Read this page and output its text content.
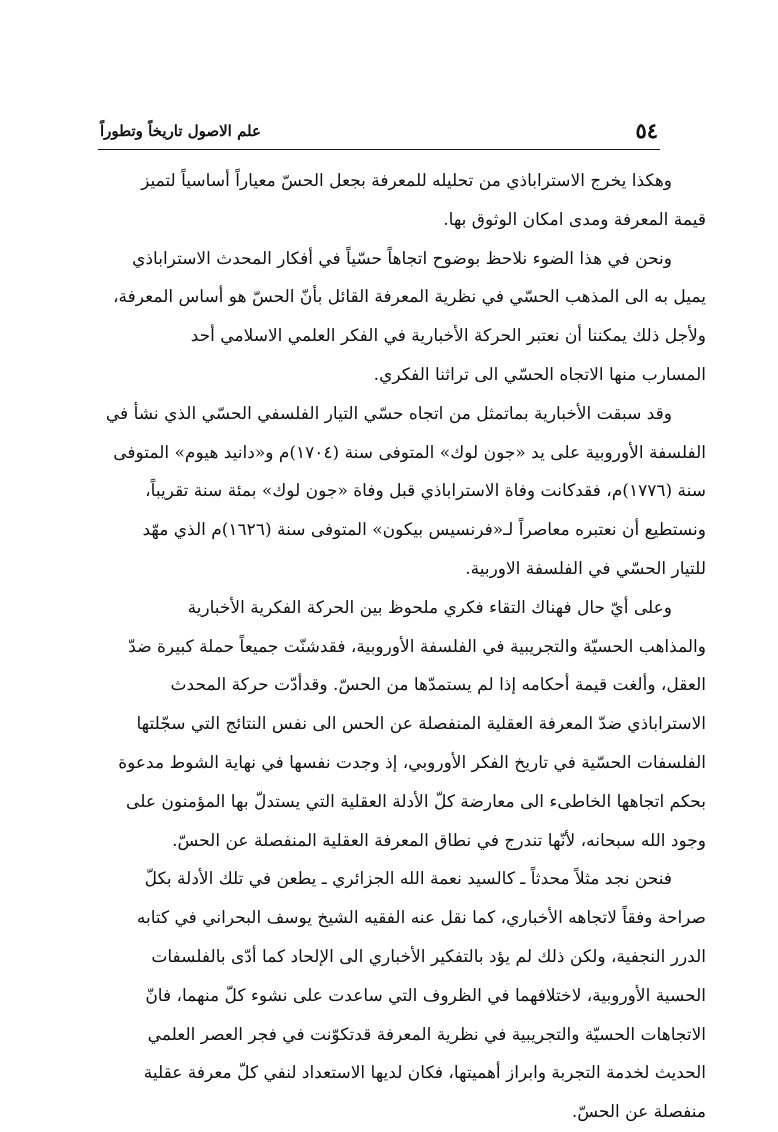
٥٤
علم الاصول تاريخاً وتطوراً
وهكذا يخرج الاستراباذي من تحليله للمعرفة بجعل الحسّ معياراً أساسياً لتميز
قيمة المعرفة ومدى امكان الوثوق بها.
ونحن في هذا الضوء نلاحظ بوضوح اتجاهاً حسّياً في أفكار المحدث الاستراباذي
يميل به الى المذهب الحسّي في نظرية المعرفة القائل بأنّ الحسّ هو أساس المعرفة،
ولأجل ذلك يمكننا أن نعتبر الحركة الأخبارية في الفكر العلمي الاسلامي أحد
المسارب منها الاتجاه الحسّي الى تراثنا الفكري.
وقد سبقت الأخبارية بماتمثل من اتجاه حسّي التيار الفلسفي الحسّي الذي نشأ في
الفلسفة الأوروبية على يد «جون لوك» المتوفى سنة (١٧٠٤)م و«دانيد هيوم» المتوفى
سنة (١٧٧٦)م، فقدكانت وفاة الاستراباذي قبل وفاة «جون لوك» بمئة سنة تقريباً،
ونستطيع أن نعتبره معاصراً لـ«فرنسيس بيكون» المتوفى سنة (١٦٢٦)م الذي مهّد
للتيار الحسّي في الفلسفة الاوربية.
وعلى أيّ حال فهناك التقاء فكري ملحوظ بين الحركة الفكرية الأخبارية
والمذاهب الحسيّة والتجريبية في الفلسفة الأوروبية، فقدشنّت جميعاً حملة كبيرة ضدّ
العقل، وألغت قيمة أحكامه إذا لم يستمدّها من الحسّ. وقدأدّت حركة المحدث
الاستراباذي ضدّ المعرفة العقلية المنفصلة عن الحس الى نفس النتائج التي سجّلتها
الفلسفات الحسّية في تاريخ الفكر الأوروبي، إذ وجدت نفسها في نهاية الشوط مدعوة
بحكم اتجاهها الخاطىء الى معارضة كلّ الأدلة العقلية التي يستدلّ بها المؤمنون على
وجود الله سبحانه، لأنّها تندرج في نطاق المعرفة العقلية المنفصلة عن الحسّ.
فنحن نجد مثلاً محدثاً ـ كالسيد نعمة الله الجزائري ـ يطعن في تلك الأدلة بكلّ
صراحة وفقاً لاتجاهه الأخباري، كما نقل عنه الفقيه الشيخ يوسف البحراني في كتابه
الدرر النجفية، ولكن ذلك لم يؤد بالتفكير الأخباري الى الإلحاد كما أدّى بالفلسفات
الحسية الأوروبية، لاختلافهما في الظروف التي ساعدت على نشوء كلّ منهما، فانّ
الاتجاهات الحسيّة والتجريبية في نظرية المعرفة قدتكوّنت في فجر العصر العلمي
الحديث لخدمة التجربة وابراز أهميتها، فكان لديها الاستعداد لنفي كلّ معرفة عقلية
منفصلة عن الحسّ.
